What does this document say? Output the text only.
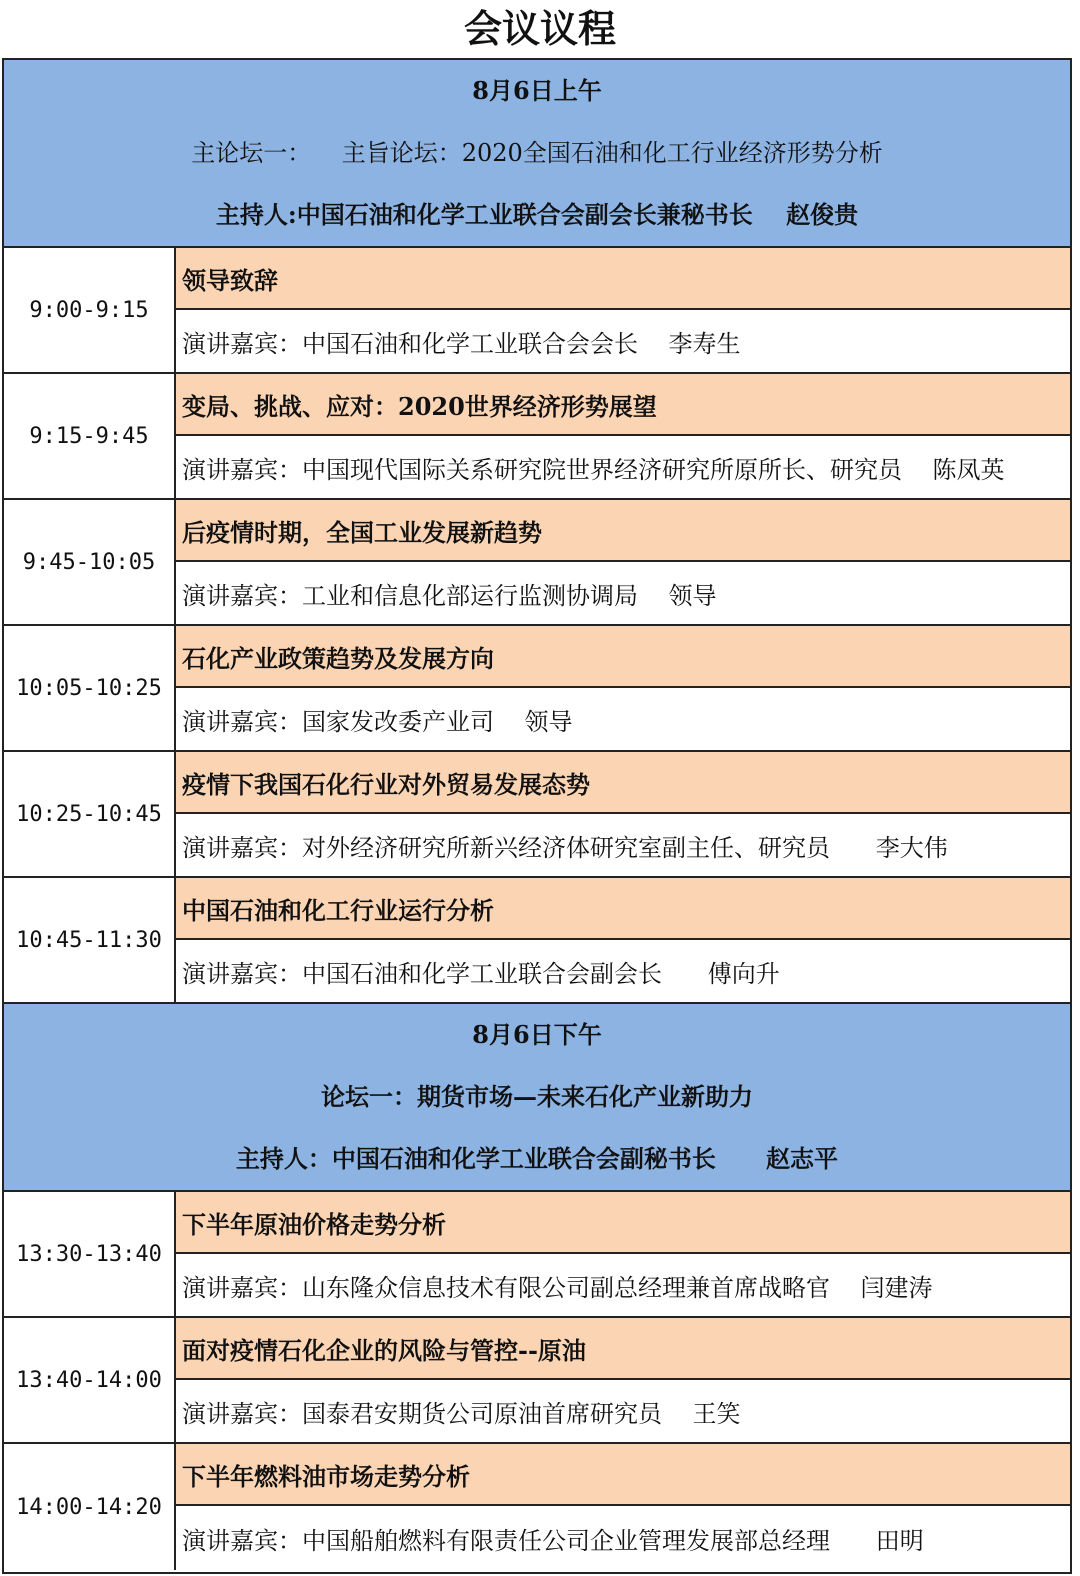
会议议程
8月6日上午
主论坛一：    主旨论坛：2020全国石油和化工行业经济形势分析
主持人:中国石油和化学工业联合会副会长兼秘书长    赵俊贵
9:00-9:15
领导致辞
演讲嘉宾：中国石油和化学工业联合会会长    李寿生
9:15-9:45
变局、挑战、应对：2020世界经济形势展望
演讲嘉宾：中国现代国际关系研究院世界经济研究所原所长、研究员    陈凤英
9:45-10:05
后疫情时期，全国工业发展新趋势
演讲嘉宾：工业和信息化部运行监测协调局    领导
10:05-10:25
石化产业政策趋势及发展方向
演讲嘉宾：国家发改委产业司    领导
10:25-10:45
疫情下我国石化行业对外贸易发展态势
演讲嘉宾：对外经济研究所新兴经济体研究室副主任、研究员      李大伟
10:45-11:30
中国石油和化工行业运行分析
演讲嘉宾：中国石油和化学工业联合会副会长      傅向升
8月6日下午
论坛一：期货市场—未来石化产业新助力
主持人：中国石油和化学工业联合会副秘书长      赵志平
13:30-13:40
下半年原油价格走势分析
演讲嘉宾：山东隆众信息技术有限公司副总经理兼首席战略官    闫建涛
13:40-14:00
面对疫情石化企业的风险与管控--原油
演讲嘉宾：国泰君安期货公司原油首席研究员    王笑
14:00-14:20
下半年燃料油市场走势分析
演讲嘉宾：中国船舶燃料有限责任公司企业管理发展部总经理      田明
